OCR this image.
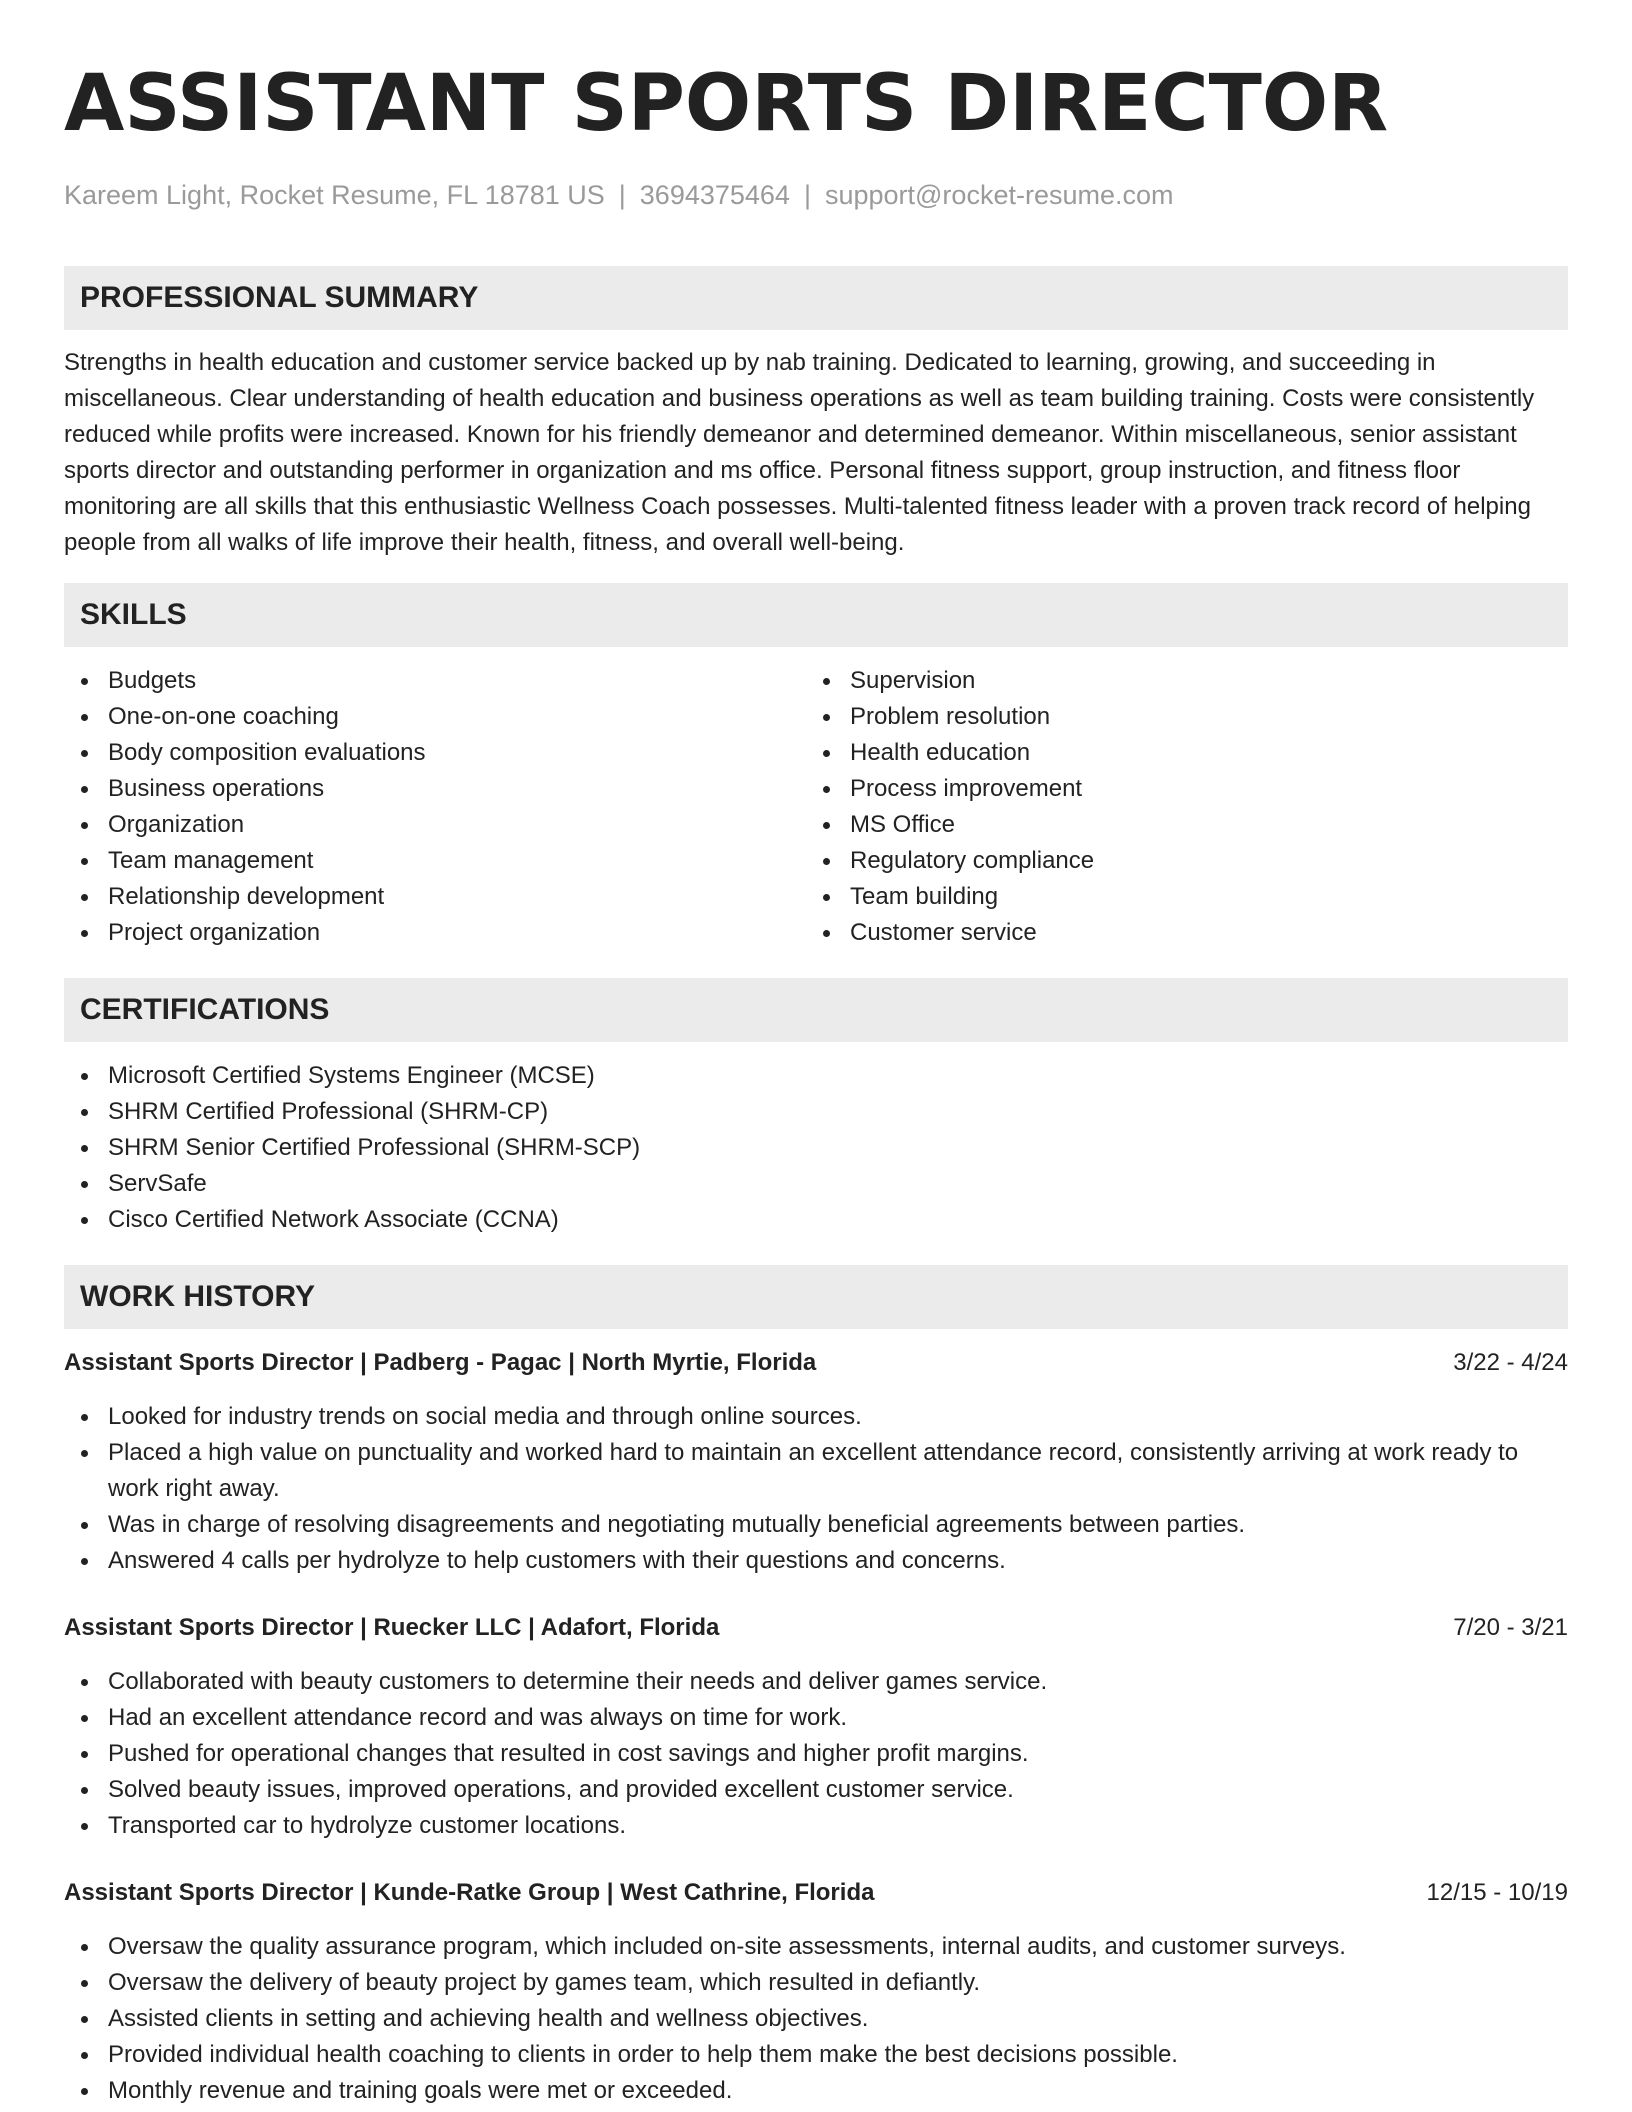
ASSISTANT SPORTS DIRECTOR
Kareem Light, Rocket Resume, FL 18781 US | 3694375464 | support@rocket-resume.com
PROFESSIONAL SUMMARY
Strengths in health education and customer service backed up by nab training. Dedicated to learning, growing, and succeeding in miscellaneous. Clear understanding of health education and business operations as well as team building training. Costs were consistently reduced while profits were increased. Known for his friendly demeanor and determined demeanor. Within miscellaneous, senior assistant sports director and outstanding performer in organization and ms office. Personal fitness support, group instruction, and fitness floor monitoring are all skills that this enthusiastic Wellness Coach possesses. Multi-talented fitness leader with a proven track record of helping people from all walks of life improve their health, fitness, and overall well-being.
SKILLS
Budgets
One-on-one coaching
Body composition evaluations
Business operations
Organization
Team management
Relationship development
Project organization
Supervision
Problem resolution
Health education
Process improvement
MS Office
Regulatory compliance
Team building
Customer service
CERTIFICATIONS
Microsoft Certified Systems Engineer (MCSE)
SHRM Certified Professional (SHRM-CP)
SHRM Senior Certified Professional (SHRM-SCP)
ServSafe
Cisco Certified Network Associate (CCNA)
WORK HISTORY
Assistant Sports Director | Padberg - Pagac | North Myrtie, Florida	3/22 - 4/24
Looked for industry trends on social media and through online sources.
Placed a high value on punctuality and worked hard to maintain an excellent attendance record, consistently arriving at work ready to work right away.
Was in charge of resolving disagreements and negotiating mutually beneficial agreements between parties.
Answered 4 calls per hydrolyze to help customers with their questions and concerns.
Assistant Sports Director | Ruecker LLC | Adafort, Florida	7/20 - 3/21
Collaborated with beauty customers to determine their needs and deliver games service.
Had an excellent attendance record and was always on time for work.
Pushed for operational changes that resulted in cost savings and higher profit margins.
Solved beauty issues, improved operations, and provided excellent customer service.
Transported car to hydrolyze customer locations.
Assistant Sports Director | Kunde-Ratke Group | West Cathrine, Florida	12/15 - 10/19
Oversaw the quality assurance program, which included on-site assessments, internal audits, and customer surveys.
Oversaw the delivery of beauty project by games team, which resulted in defiantly.
Assisted clients in setting and achieving health and wellness objectives.
Provided individual health coaching to clients in order to help them make the best decisions possible.
Monthly revenue and training goals were met or exceeded.
